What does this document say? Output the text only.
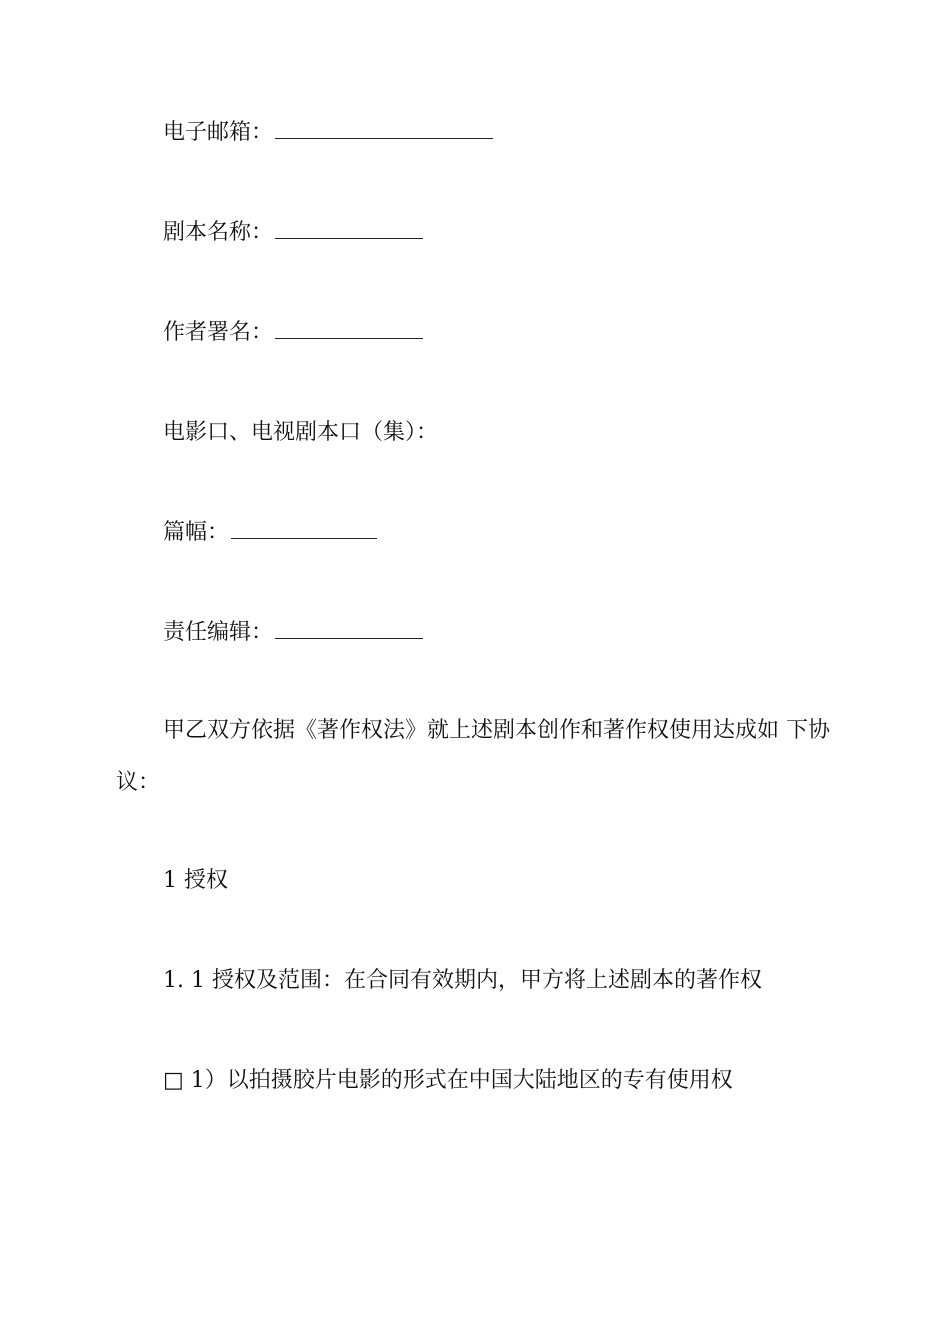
电子邮箱：
剧本名称：
作者署名：
电影口、电视剧本口（集）：
篇幅：
责任编辑：
甲乙双方依据《著作权法》就上述剧本创作和著作权使用达成如 下协
议：
1 授权
1. 1 授权及范围：在合同有效期内，甲方将上述剧本的著作权
□ 1）以拍摄胶片电影的形式在中国大陆地区的专有使用权
